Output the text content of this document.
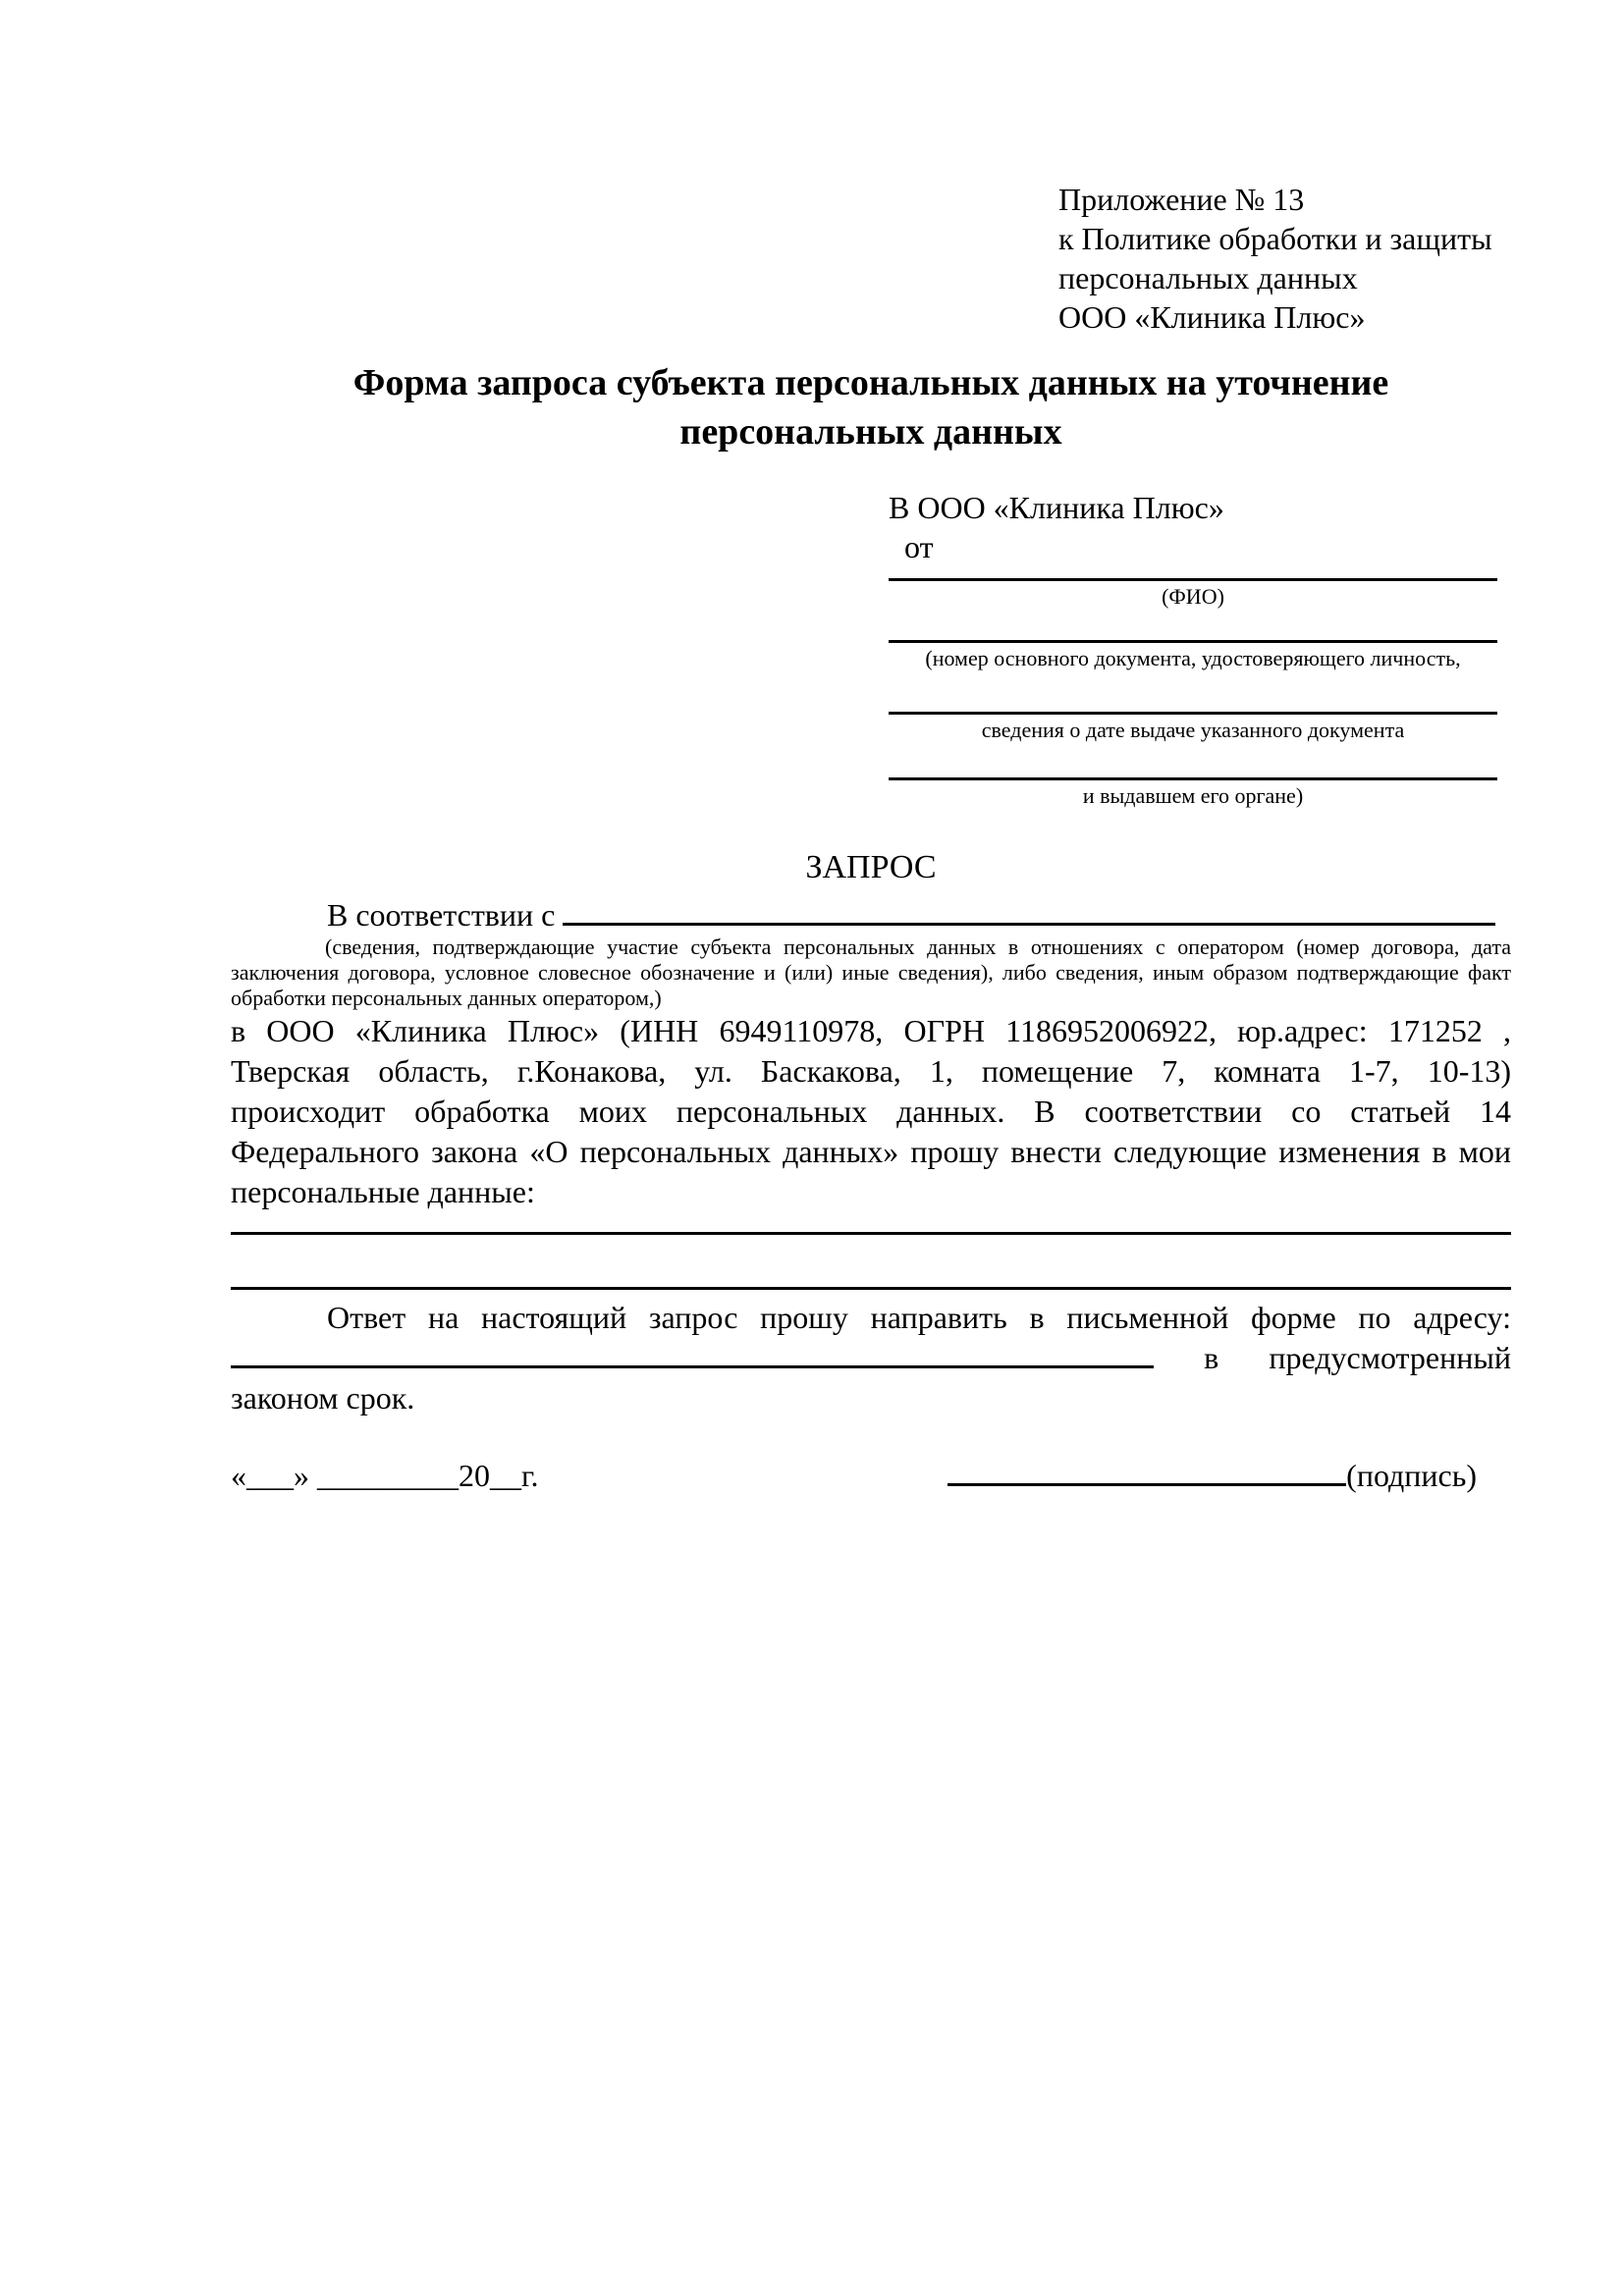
Приложение № 13
к Политике обработки и защиты
персональных данных
ООО «Клиника Плюс»
Форма запроса субъекта персональных данных на уточнение персональных данных
В ООО «Клиника Плюс»
от
(ФИО)
(номер основного документа, удостоверяющего личность,
сведения о дате выдаче указанного документа
и выдавшем его органе)
ЗАПРОС

В соответствии с

(сведения, подтверждающие участие субъекта персональных данных в отношениях с оператором (номер договора, дата
заключения договора, условное словесное обозначение и (или) иные сведения), либо сведения, иным образом подтверждающие факт
обработки персональных данных оператором,)
в ООО «Клиника Плюс» (ИНН 6949110978, ОГРН 1186952006922, юр.адрес: 171252 ,
Тверская область, г.Конакова, ул. Баскакова, 1, помещение 7, комната 1-7, 10-13)
происходит обработка моих персональных данных. В соответствии со статьей 14
Федерального закона «О персональных данных» прошу внести следующие изменения в мои
персональные данные:
Ответ на настоящий запрос прошу направить в письменной форме по адресу:
в предусмотренный
законом срок.
«___» _________20__г.	(подпись)
